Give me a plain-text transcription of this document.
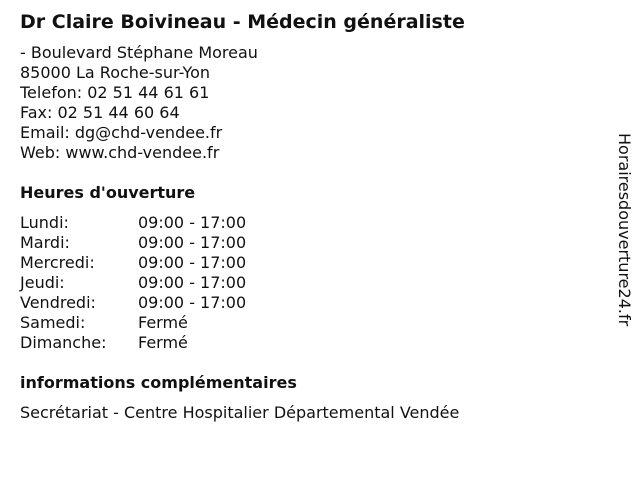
Dr Claire Boivineau - Médecin généraliste
- Boulevard Stéphane Moreau
85000 La Roche-sur-Yon
Telefon: 02 51 44 61 61
Fax: 02 51 44 60 64
Email: dg@chd-vendee.fr
Web: www.chd-vendee.fr
Heures d'ouverture
Lundi:	09:00 - 17:00
Mardi:	09:00 - 17:00
Mercredi:	09:00 - 17:00
Jeudi:	09:00 - 17:00
Vendredi:	09:00 - 17:00
Samedi:	Fermé
Dimanche: Fermé
informations complémentaires
Secrétariat - Centre Hospitalier Départemental Vendée
Horairesdouverture24.fr
